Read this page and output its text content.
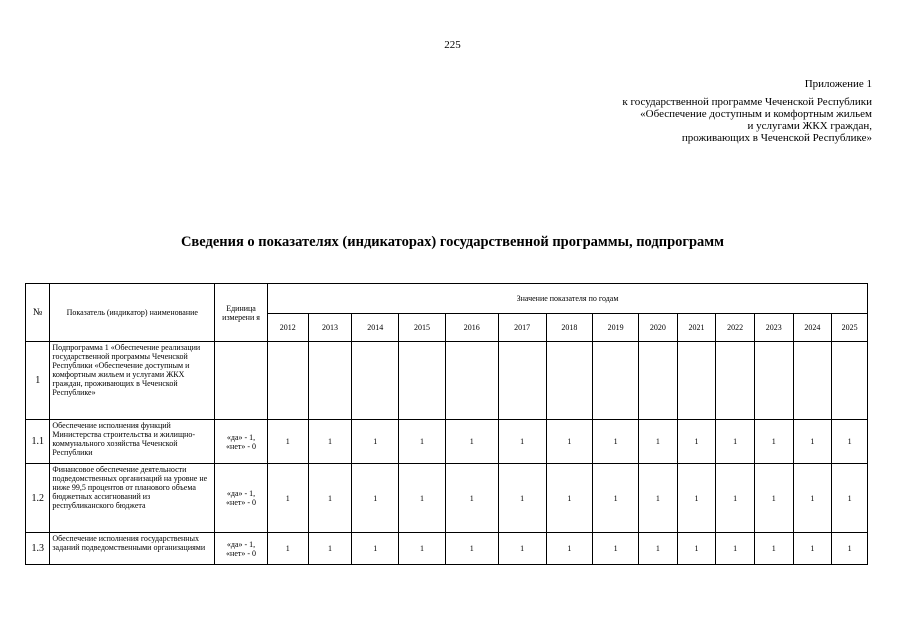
225
Приложение 1
к государственной программе Чеченской Республики
«Обеспечение доступным и комфортным жильем
и услугами ЖКХ граждан,
проживающих в Чеченской Республике»
Сведения о показателях (индикаторах) государственной программы, подпрограмм
№	Показатель (индикатор) наименование	Единица измерени я	Значение показателя по годам													
			2012	2013	2014	2015	2016	2017	2018	2019	2020	2021	2022	2023	2024	2025
1	Подпрограмма 1 «Обеспечение реализации государственной программы Чеченской Республики «Обеспечение доступным и комфортным жильем и услугами ЖКХ граждан, проживающих в Чеченской Республике»															
1.1	Обеспечение исполнения функций Министерства строительства и жилищно-коммунального хозяйства Чеченской Республики	«да» - 1, «нет» - 0	1	1	1	1	1	1	1	1	1	1	1	1	1	1
1.2	Финансовое обеспечение деятельности подведомственных организаций на уровне не ниже 99,5 процентов от планового объема бюджетных ассигнований из республиканского бюджета	«да» - 1, «нет» - 0	1	1	1	1	1	1	1	1	1	1	1	1	1	1
1.3	Обеспечение исполнения государственных заданий подведомственными организациями	«да» - 1, «нет» - 0	1	1	1	1	1	1	1	1	1	1	1	1	1	1
